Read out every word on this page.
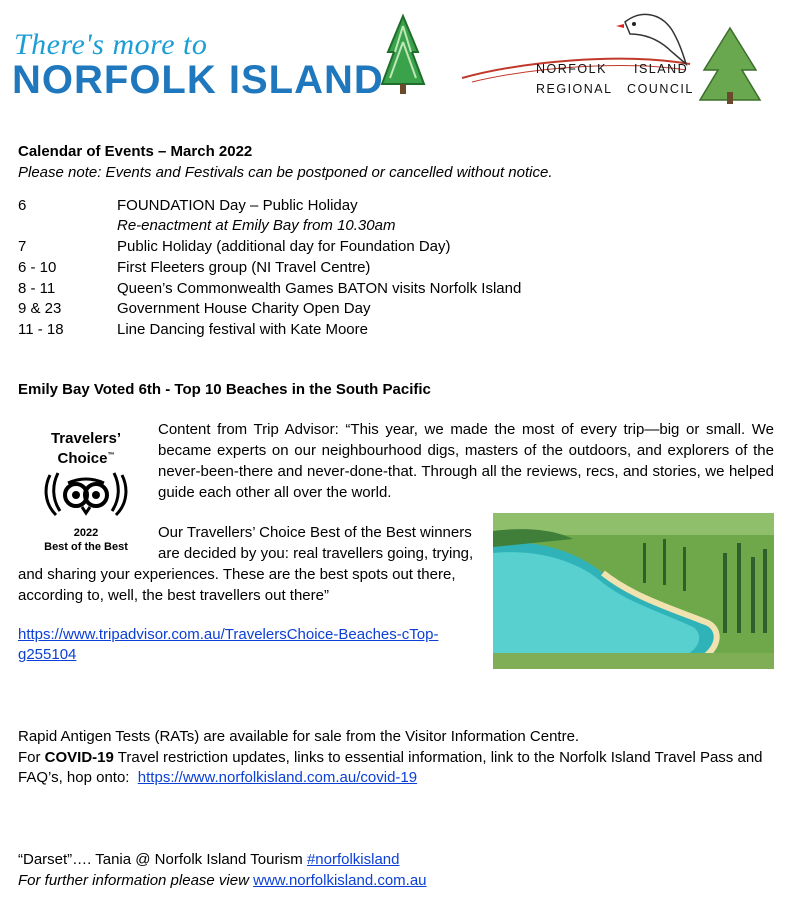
There's more to
NORFOLK ISLAND	NORFOLK ISLAND
REGIONAL   COUNCIL
Calendar of Events – March 2022
Please note: Events and Festivals can be postponed or cancelled without notice.
6	FOUNDATION Day – Public Holiday
Re-enactment at Emily Bay from 10.30am
7	Public Holiday (additional day for Foundation Day)
6 - 10	First Fleeters group (NI Travel Centre)
8 - 11	Queen’s Commonwealth Games BATON visits Norfolk Island
9 & 23	Government House Charity Open Day
11 - 18	Line Dancing festival with Kate Moore
Emily Bay Voted 6th - Top 10 Beaches in the South Pacific
Travelers’
Choice™
2022
Best of the Best
Content from Trip Advisor: “This year, we made the most of every trip—big or small. We became experts on our neighbourhood digs, masters of the outdoors, and explorers of the never-been-there and never-done-that. Through all the reviews, recs, and stories, we helped guide each other all over the world.
Our Travellers’ Choice Best of the Best winners
are decided by you: real travellers going, trying,
and sharing your experiences. These are the best spots out there,
according to, well, the best travellers out there”
https://www.tripadvisor.com.au/TravelersChoice-Beaches-cTop-
g255104
Rapid Antigen Tests (RATs) are available for sale from the Visitor Information Centre.
For COVID-19 Travel restriction updates, links to essential information, link to the Norfolk Island Travel Pass and
FAQ’s, hop onto:  https://www.norfolkisland.com.au/covid-19
“Darset”…. Tania @ Norfolk Island Tourism #norfolkisland
For further information please view www.norfolkisland.com.au
